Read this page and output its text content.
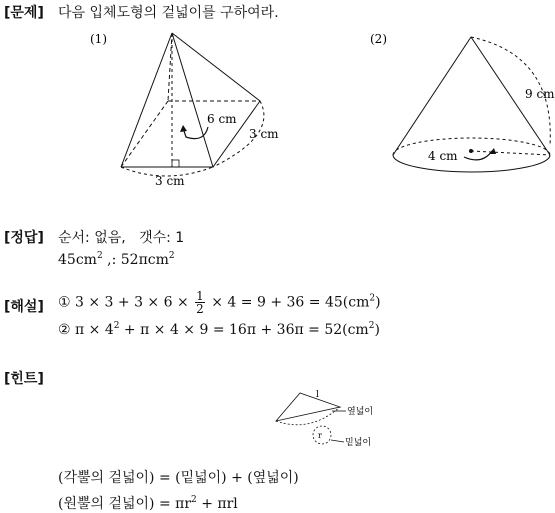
[문제] 다음 입체도형의 겉넓이를 구하여라.
(1)
6 cm
3 cm
3 cm
(2)
9 cm
4 cm
[정답] 순서: 없음,   갯수: 1
$45cm^2$ ,: 52πcm$^2$
[해설] ① $3 \times 3 + 3 \times 6 \times \frac{1}{2} \times 4 = 9 + 36 = 45(cm^2)$
② $\pi \times 4^2 + \pi \times 4 \times 9 = 16\pi + 36\pi = 52(cm^2)$
[힌트]
l
r
옆넓이
밑넓이
(각뿔의 겉넓이) = (밑넓이) + (옆넓이)
(원뿔의 겉넓이) = $\pi r^2 + \pi rl$
